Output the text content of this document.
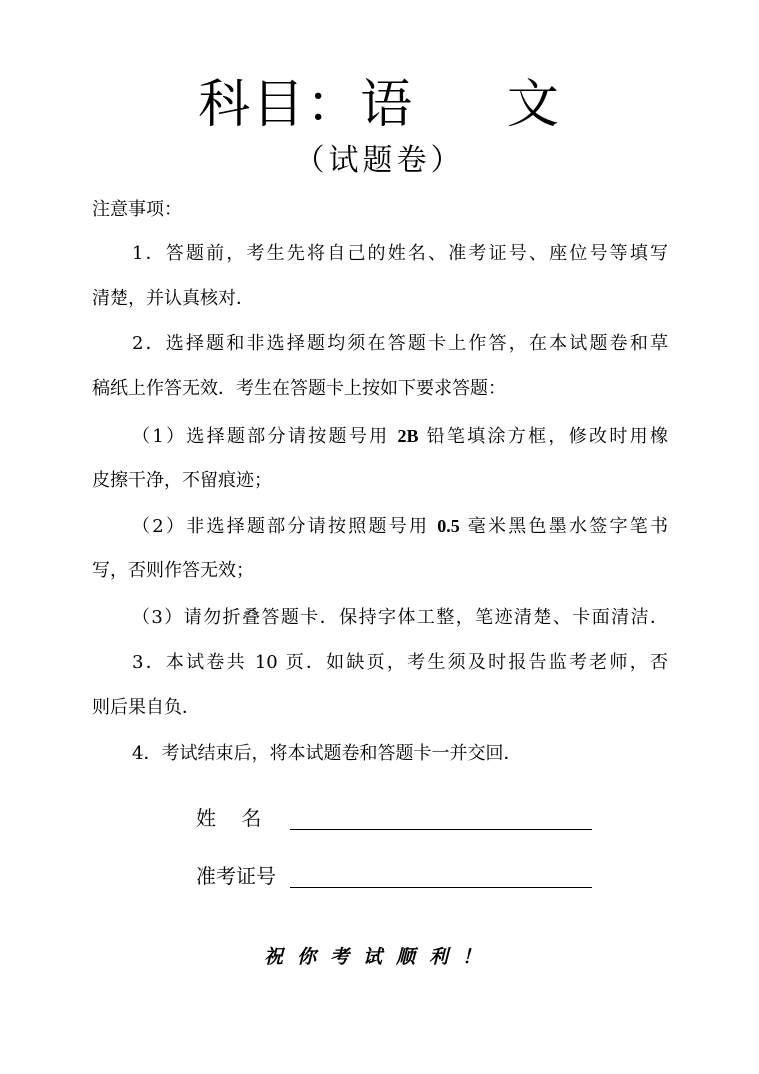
科目：语     文
（试题卷）
注意事项：
1．答题前，考生先将自己的姓名、准考证号、座位号等填写
清楚，并认真核对．
2．选择题和非选择题均须在答题卡上作答，在本试题卷和草
稿纸上作答无效．考生在答题卡上按如下要求答题：
（1）选择题部分请按题号用 2B 铅笔填涂方框，修改时用橡
皮擦干净，不留痕迹；
（2）非选择题部分请按照题号用 0.5 毫米黑色墨水签字笔书
写，否则作答无效；
（3）请勿折叠答题卡．保持字体工整，笔迹清楚、卡面清洁．
3．本试卷共 10 页．如缺页，考生须及时报告监考老师，否
则后果自负．
4．考试结束后，将本试题卷和答题卡一并交回．
姓    名
准考证号
祝你考试顺利！
